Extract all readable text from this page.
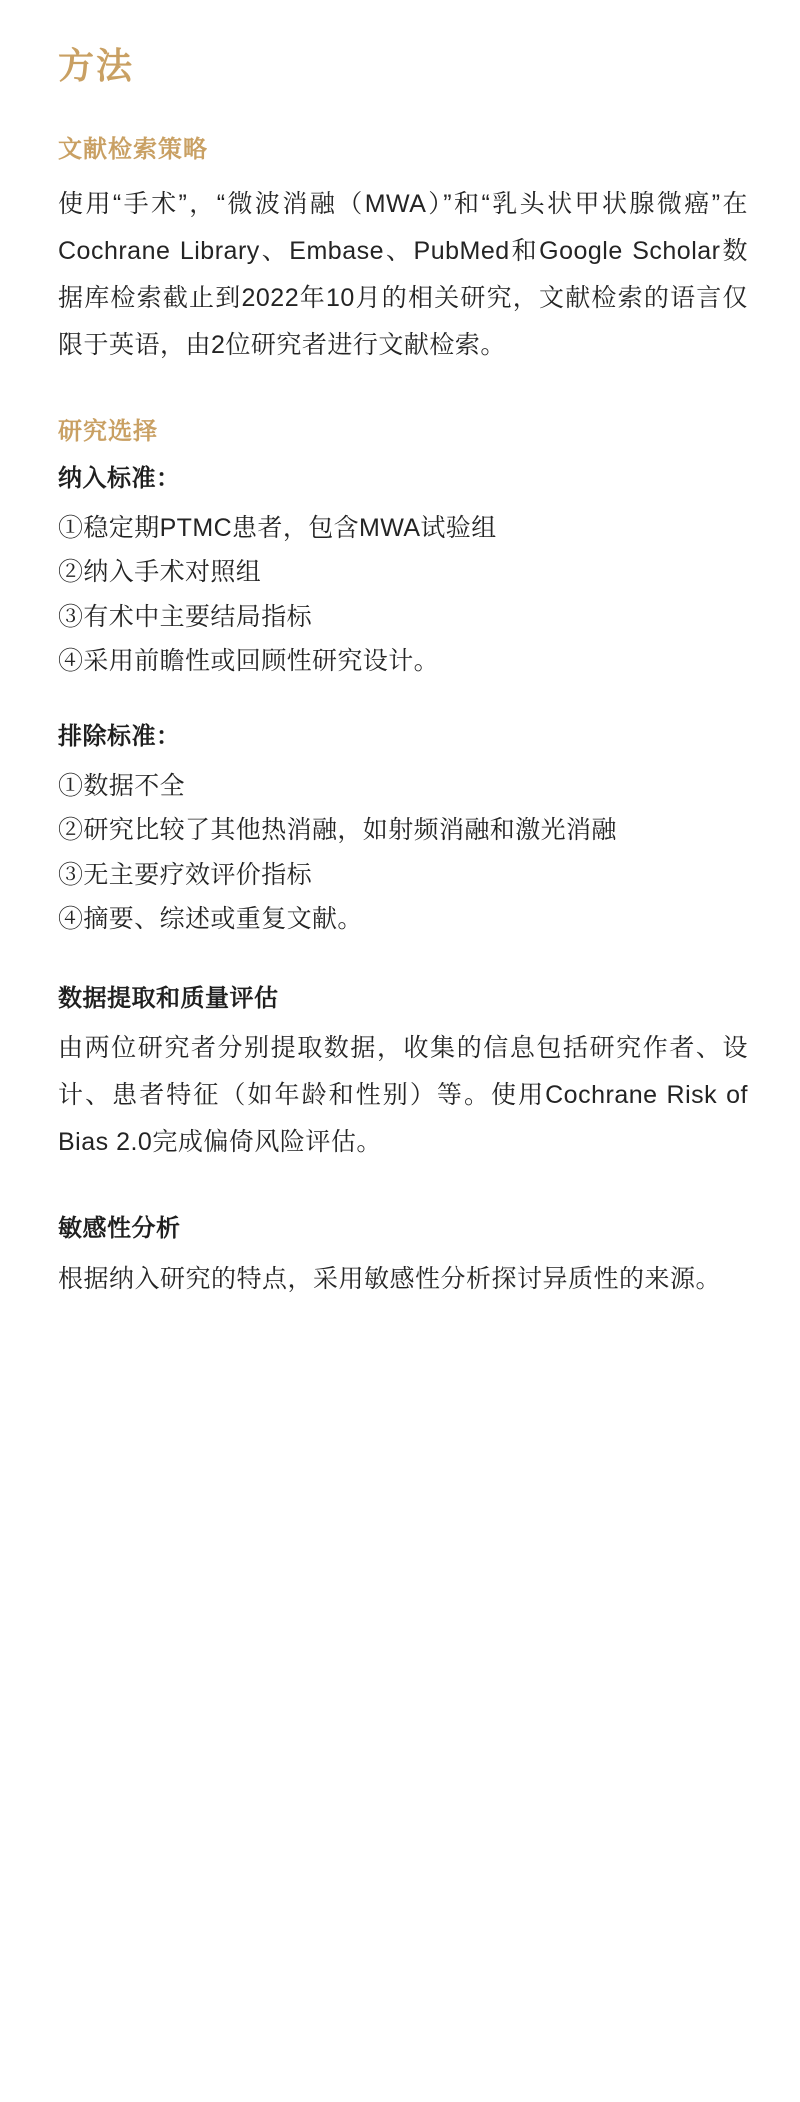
方法
文献检索策略

使用“手术”，“微波消融（MWA）”和“乳头状甲状腺微癌”在Cochrane Library、Embase、PubMed和Google Scholar数据库检索截止到2022年10月的相关研究，文献检索的语言仅限于英语，由2位研究者进行文献检索。

研究选择
纳入标准：
①稳定期PTMC患者，包含MWA试验组
②纳入手术对照组
③有术中主要结局指标
④采用前瞻性或回顾性研究设计。
排除标准：
①数据不全
②研究比较了其他热消融，如射频消融和激光消融
③无主要疗效评价指标
④摘要、综述或重复文献。
数据提取和质量评估

由两位研究者分别提取数据，收集的信息包括研究作者、设计、患者特征（如年龄和性别）等。使用Cochrane Risk of Bias 2.0完成偏倚风险评估。

敏感性分析

根据纳入研究的特点，采用敏感性分析探讨异质性的来源。
